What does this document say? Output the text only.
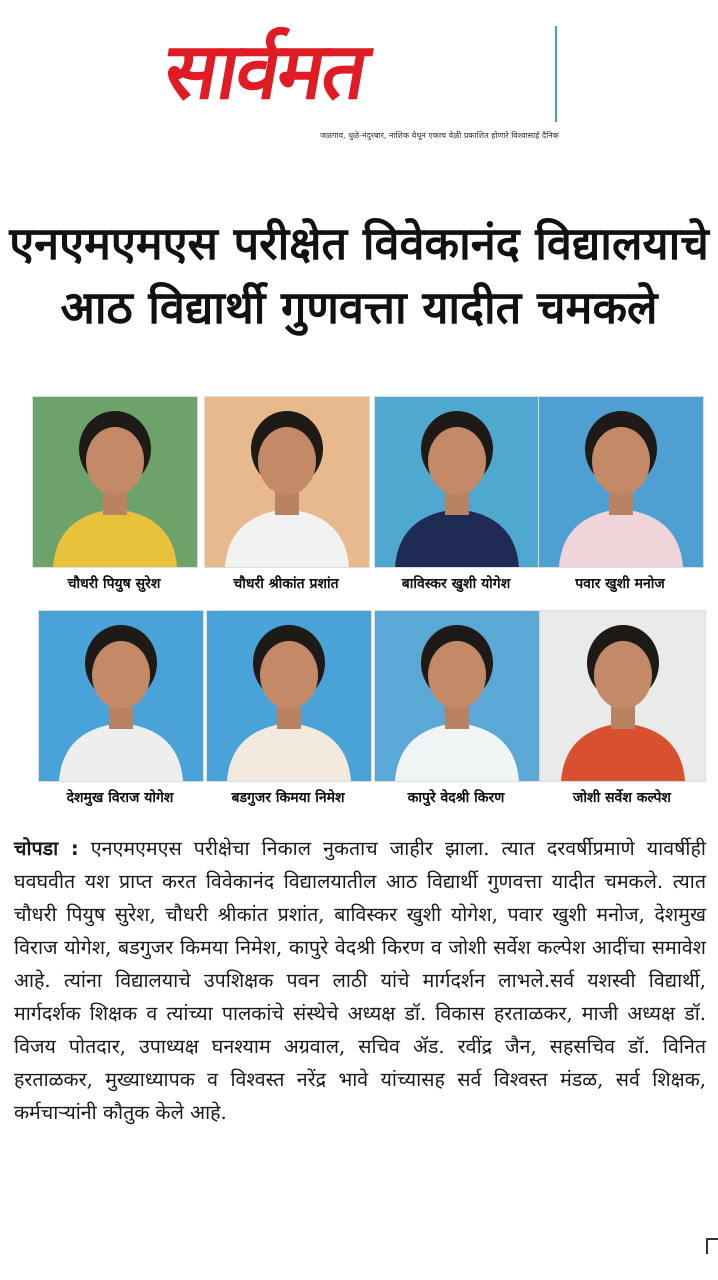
सार्वमत
जळगाव, धुळे-नंदुरबार, नाशिक येथून एकाच वेळी प्रकाशित होणारे विश्वासार्ह दैनिक
एनएमएमएस परीक्षेत विवेकानंद विद्यालयाचे
आठ विद्यार्थी गुणवत्ता यादीत चमकले
चौधरी पियुष सुरेश	चौधरी श्रीकांत प्रशांत	बाविस्कर खुशी योगेश	पवार खुशी मनोज
देशमुख विराज योगेश	बडगुजर किमया निमेश	कापुरे वेदश्री किरण	जोशी सर्वेश कल्पेश
चोपडा : एनएमएमएस परीक्षेचा निकाल नुकताच जाहीर झाला. त्यात दरवर्षीप्रमाणे यावर्षीही घवघवीत यश प्राप्त करत विवेकानंद विद्यालयातील आठ विद्यार्थी गुणवत्ता यादीत चमकले. त्यात चौधरी पियुष सुरेश, चौधरी श्रीकांत प्रशांत, बाविस्कर खुशी योगेश, पवार खुशी मनोज, देशमुख विराज योगेश, बडगुजर किमया निमेश, कापुरे वेदश्री किरण व जोशी सर्वेश कल्पेश आदींचा समावेश आहे. त्यांना विद्यालयाचे उपशिक्षक पवन लाठी यांचे मार्गदर्शन लाभले.सर्व यशस्वी विद्यार्थी, मार्गदर्शक शिक्षक व त्यांच्या पालकांचे संस्थेचे अध्यक्ष डॉ. विकास हरताळकर, माजी अध्यक्ष डॉ. विजय पोतदार, उपाध्यक्ष घनश्याम अग्रवाल, सचिव ॲड. रवींद्र जैन, सहसचिव डॉ. विनित हरताळकर, मुख्याध्यापक व विश्वस्त नरेंद्र भावे यांच्यासह सर्व विश्वस्त मंडळ, सर्व शिक्षक, कर्मचाऱ्यांनी कौतुक केले आहे.
